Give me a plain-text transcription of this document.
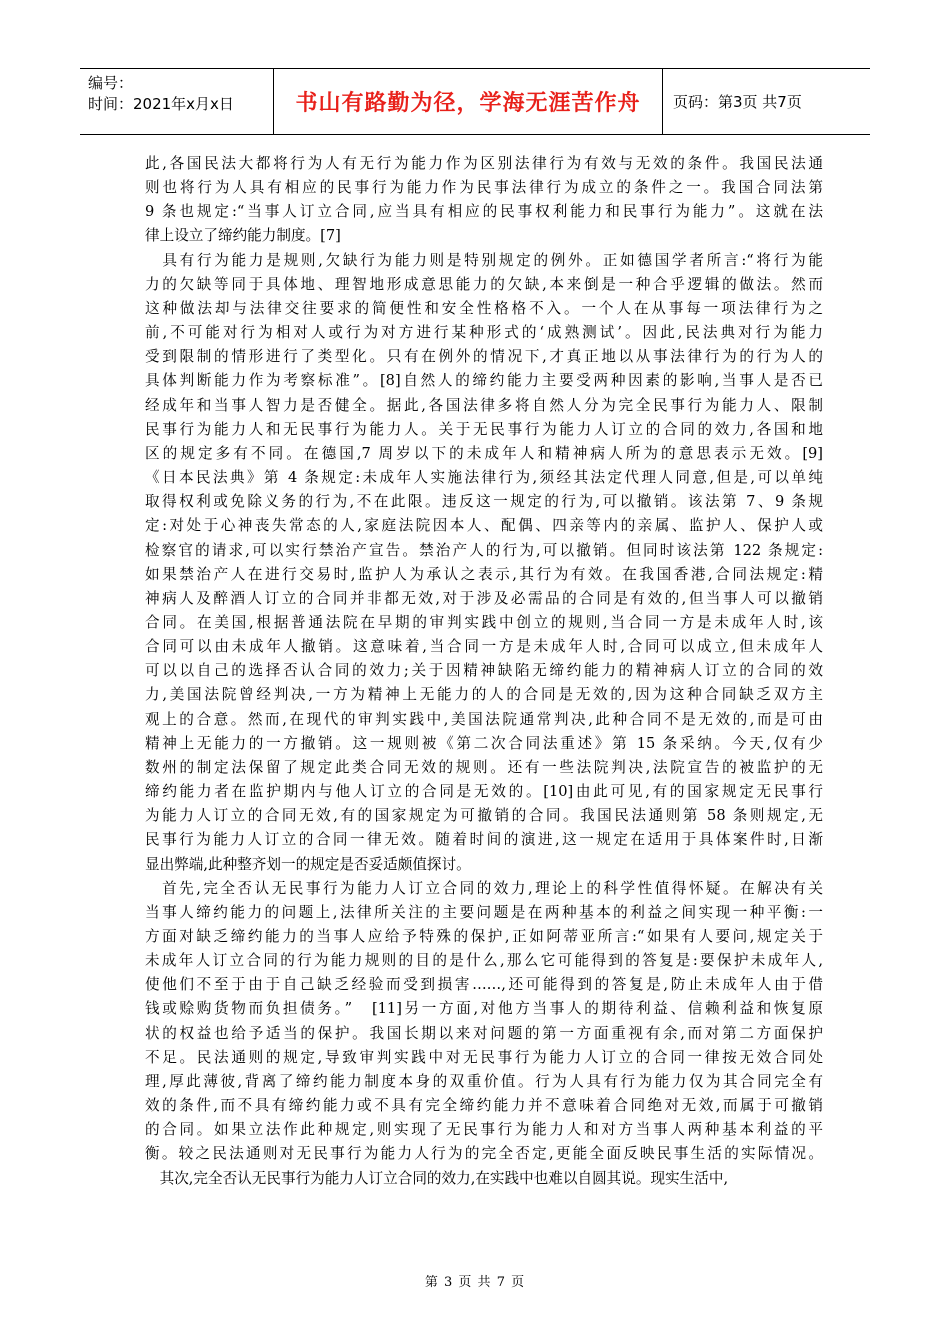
编号：
时间：2021年x月x日	书山有路勤为径，学海无涯苦作舟	页码：第3页 共7页
此,各国民法大都将行为人有无行为能力作为区别法律行为有效与无效的条件。我国民法通
则也将行为人具有相应的民事行为能力作为民事法律行为成立的条件之一。我国合同法第
9 条也规定:“当事人订立合同,应当具有相应的民事权利能力和民事行为能力”。这就在法
律上设立了缔约能力制度。[7]
　具有行为能力是规则,欠缺行为能力则是特别规定的例外。正如德国学者所言:“将行为能
力的欠缺等同于具体地、理智地形成意思能力的欠缺,本来倒是一种合乎逻辑的做法。然而
这种做法却与法律交往要求的简便性和安全性格格不入。一个人在从事每一项法律行为之
前,不可能对行为相对人或行为对方进行某种形式的‘成熟测试’。因此,民法典对行为能力
受到限制的情形进行了类型化。只有在例外的情况下,才真正地以从事法律行为的行为人的
具体判断能力作为考察标准”。[8]自然人的缔约能力主要受两种因素的影响,当事人是否已
经成年和当事人智力是否健全。据此,各国法律多将自然人分为完全民事行为能力人、限制
民事行为能力人和无民事行为能力人。关于无民事行为能力人订立的合同的效力,各国和地
区的规定多有不同。在德国,7 周岁以下的未成年人和精神病人所为的意思表示无效。[9]
《日本民法典》第 4 条规定:未成年人实施法律行为,须经其法定代理人同意,但是,可以单纯
取得权利或免除义务的行为,不在此限。违反这一规定的行为,可以撤销。该法第 7、9 条规
定:对处于心神丧失常态的人,家庭法院因本人、配偶、四亲等内的亲属、监护人、保护人或
检察官的请求,可以实行禁治产宣告。禁治产人的行为,可以撤销。但同时该法第 122 条规定:
如果禁治产人在进行交易时,监护人为承认之表示,其行为有效。在我国香港,合同法规定:精
神病人及醉酒人订立的合同并非都无效,对于涉及必需品的合同是有效的,但当事人可以撤销
合同。在美国,根据普通法院在早期的审判实践中创立的规则,当合同一方是未成年人时,该
合同可以由未成年人撤销。这意味着,当合同一方是未成年人时,合同可以成立,但未成年人
可以以自己的选择否认合同的效力;关于因精神缺陷无缔约能力的精神病人订立的合同的效
力,美国法院曾经判决,一方为精神上无能力的人的合同是无效的,因为这种合同缺乏双方主
观上的合意。然而,在现代的审判实践中,美国法院通常判决,此种合同不是无效的,而是可由
精神上无能力的一方撤销。这一规则被《第二次合同法重述》第 15 条采纳。今天,仅有少
数州的制定法保留了规定此类合同无效的规则。还有一些法院判决,法院宣告的被监护的无
缔约能力者在监护期内与他人订立的合同是无效的。[10]由此可见,有的国家规定无民事行
为能力人订立的合同无效,有的国家规定为可撤销的合同。我国民法通则第 58 条则规定,无
民事行为能力人订立的合同一律无效。随着时间的演进,这一规定在适用于具体案件时,日渐
显出弊端,此种整齐划一的规定是否妥适颇值探讨。
　首先,完全否认无民事行为能力人订立合同的效力,理论上的科学性值得怀疑。在解决有关
当事人缔约能力的问题上,法律所关注的主要问题是在两种基本的利益之间实现一种平衡:一
方面对缺乏缔约能力的当事人应给予特殊的保护,正如阿蒂亚所言:“如果有人要问,规定关于
未成年人订立合同的行为能力规则的目的是什么,那么它可能得到的答复是:要保护未成年人,
使他们不至于由于自己缺乏经验而受到损害……,还可能得到的答复是,防止未成年人由于借
钱或赊购货物而负担债务。”　[11]另一方面,对他方当事人的期待利益、信赖利益和恢复原
状的权益也给予适当的保护。我国长期以来对问题的第一方面重视有余,而对第二方面保护
不足。民法通则的规定,导致审判实践中对无民事行为能力人订立的合同一律按无效合同处
理,厚此薄彼,背离了缔约能力制度本身的双重价值。行为人具有行为能力仅为其合同完全有
效的条件,而不具有缔约能力或不具有完全缔约能力并不意味着合同绝对无效,而属于可撤销
的合同。如果立法作此种规定,则实现了无民事行为能力人和对方当事人两种基本利益的平
衡。较之民法通则对无民事行为能力人行为的完全否定,更能全面反映民事生活的实际情况。
　其次,完全否认无民事行为能力人订立合同的效力,在实践中也难以自圆其说。现实生活中,
第 3 页 共 7 页
